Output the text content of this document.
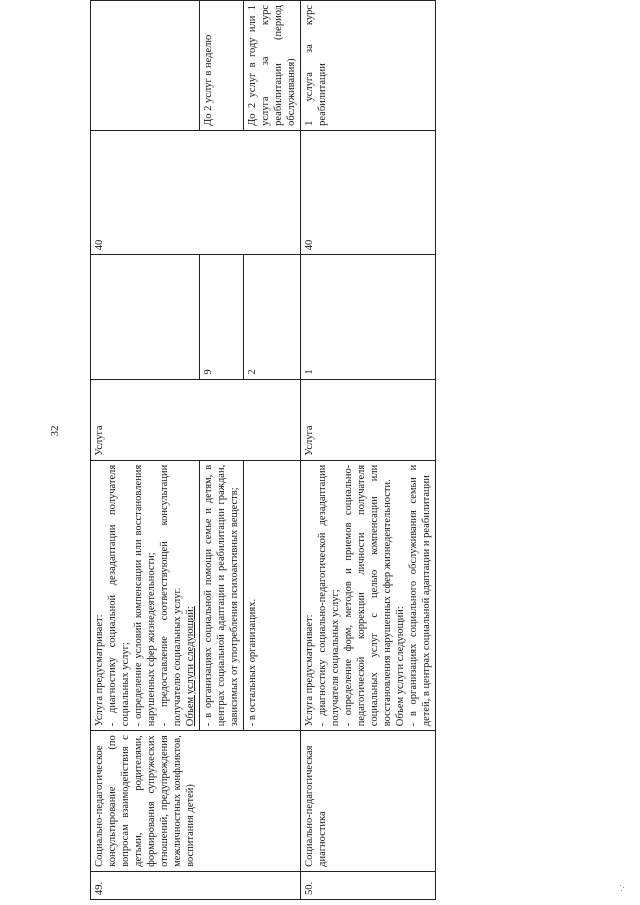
32
49.	Социально-педагогическое консультирование (по вопросам взаимодействия с детьми, родителями, формирования супружеских отношений, предупреждения межличностных конфликтов, воспитания детей)	Услуга предусматривает: - диагностику социальной дезадаптации получателя социальных услуг; - определение условий компенсации или восстановления нарушенных сфер жизнедеятельности; - предоставление соответствующей консультации получателю социальных услуг. Объем услуги следующий:	Услуга		40	
		- в организациях социальной помощи семье и детям, в центрах социальной адаптации и реабилитации граждан, зависимых от употребления психоактивных веществ;		9		До 2 услуг в неделю
		- в остальных организациях.		2		До 2 услуг в году или 1 услуга за курс реабилитации (период обслуживания)
50.	Социально-педагогическая диагностика	Услуга предусматривает: - диагностику социально-педагогической дезадаптации получателя социальных услуг; - определение форм, методов и приемов социально-педагогической коррекции личности получателя социальных услуг с целью компенсации или восстановления нарушенных сфер жизнедеятельности. Объем услуги следующий: - в организациях социального обслуживания семьи и детей, в центрах социальной адаптации и реабилитации	Услуга	1	40	1 услуга за курс реабилитации
